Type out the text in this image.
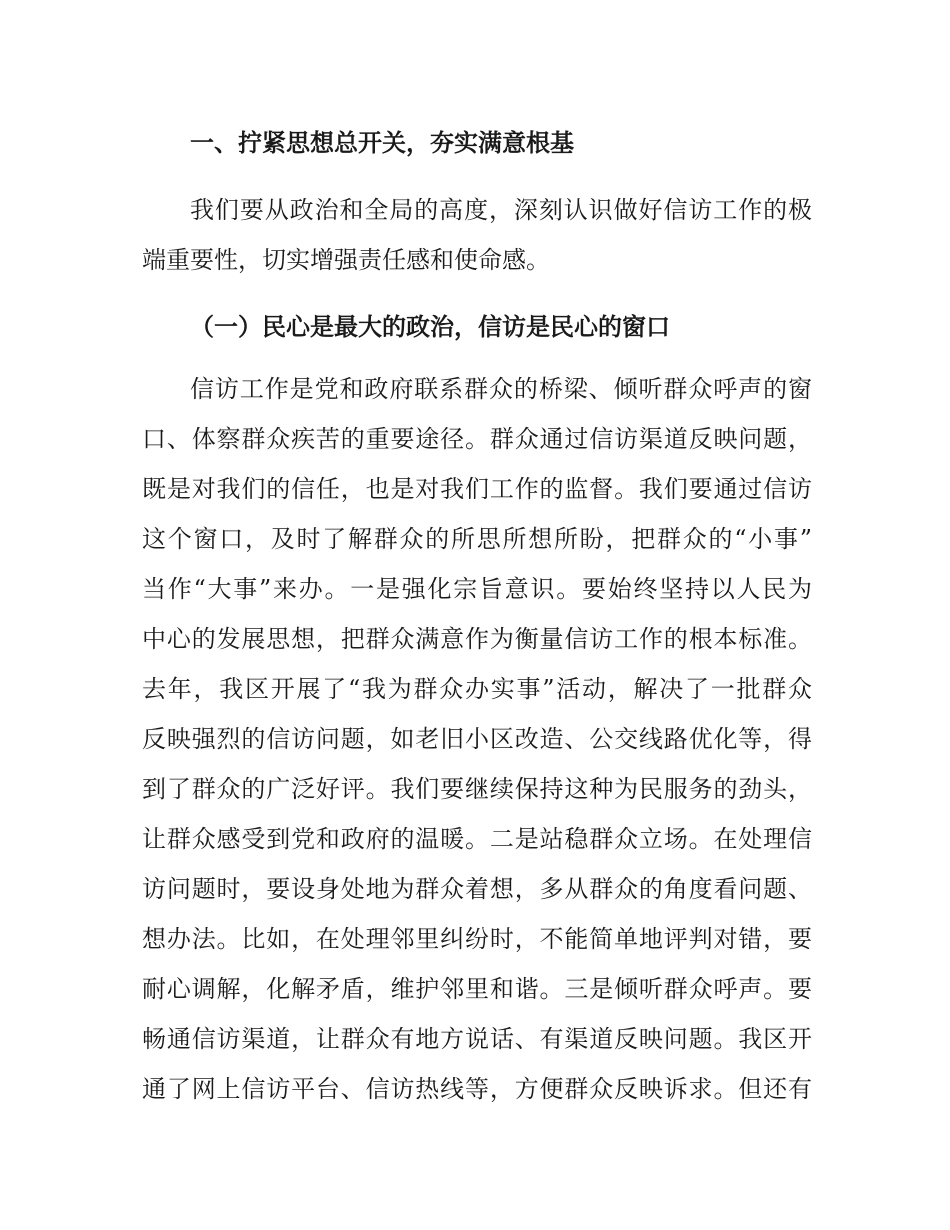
一、拧紧思想总开关，夯实满意根基
我们要从政治和全局的高度，深刻认识做好信访工作的极
端重要性，切实增强责任感和使命感。
（一）民心是最大的政治，信访是民心的窗口
信访工作是党和政府联系群众的桥梁、倾听群众呼声的窗
口、体察群众疾苦的重要途径。群众通过信访渠道反映问题，
既是对我们的信任，也是对我们工作的监督。我们要通过信访
这个窗口，及时了解群众的所思所想所盼，把群众的“小事”
当作“大事”来办。一是强化宗旨意识。要始终坚持以人民为
中心的发展思想，把群众满意作为衡量信访工作的根本标准。
去年，我区开展了“我为群众办实事”活动，解决了一批群众
反映强烈的信访问题，如老旧小区改造、公交线路优化等，得
到了群众的广泛好评。我们要继续保持这种为民服务的劲头，
让群众感受到党和政府的温暖。二是站稳群众立场。在处理信
访问题时，要设身处地为群众着想，多从群众的角度看问题、
想办法。比如，在处理邻里纠纷时，不能简单地评判对错，要
耐心调解，化解矛盾，维护邻里和谐。三是倾听群众呼声。要
畅通信访渠道，让群众有地方说话、有渠道反映问题。我区开
通了网上信访平台、信访热线等，方便群众反映诉求。但还有
